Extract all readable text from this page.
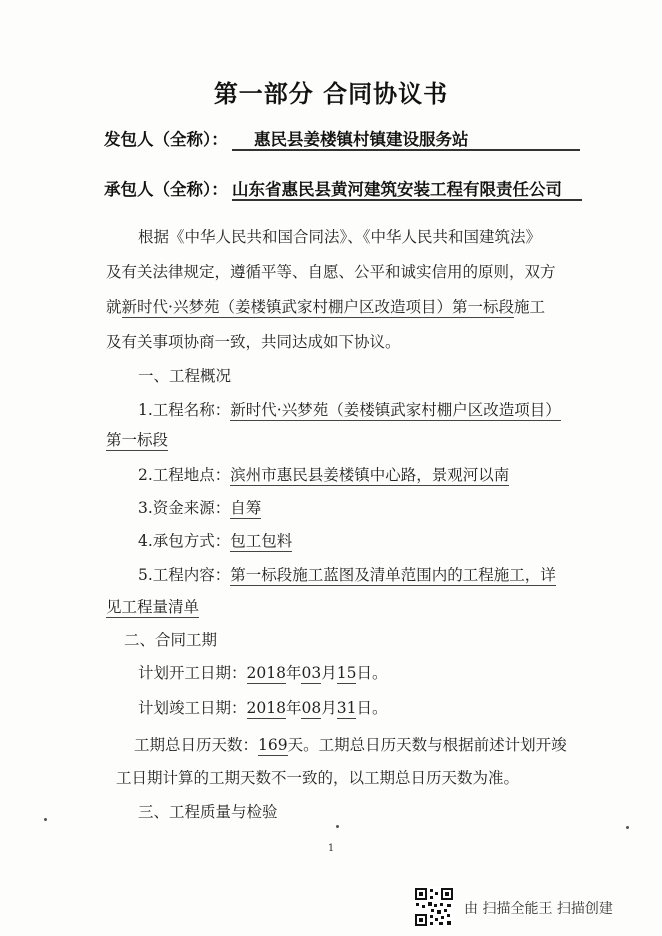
第一部分 合同协议书
发包人（全称）： 惠民县姜楼镇村镇建设服务站
承包人（全称）： 山东省惠民县黄河建筑安装工程有限责任公司
根据《中华人民共和国合同法》、《中华人民共和国建筑法》
及有关法律规定，遵循平等、自愿、公平和诚实信用的原则，双方
就新时代·兴梦苑（姜楼镇武家村棚户区改造项目）第一标段施工
及有关事项协商一致，共同达成如下协议。
一、工程概况
1.工程名称：新时代·兴梦苑（姜楼镇武家村棚户区改造项目）
第一标段
2.工程地点：滨州市惠民县姜楼镇中心路，景观河以南
3.资金来源：自筹
4.承包方式：包工包料
5.工程内容：第一标段施工蓝图及清单范围内的工程施工，详
见工程量清单
二、合同工期
计划开工日期：2018年03月15日。
计划竣工日期：2018年08月31日。
工期总日历天数：169天。工期总日历天数与根据前述计划开竣
工日期计算的工期天数不一致的，以工期总日历天数为准。
三、工程质量与检验
1
由 扫描全能王 扫描创建
